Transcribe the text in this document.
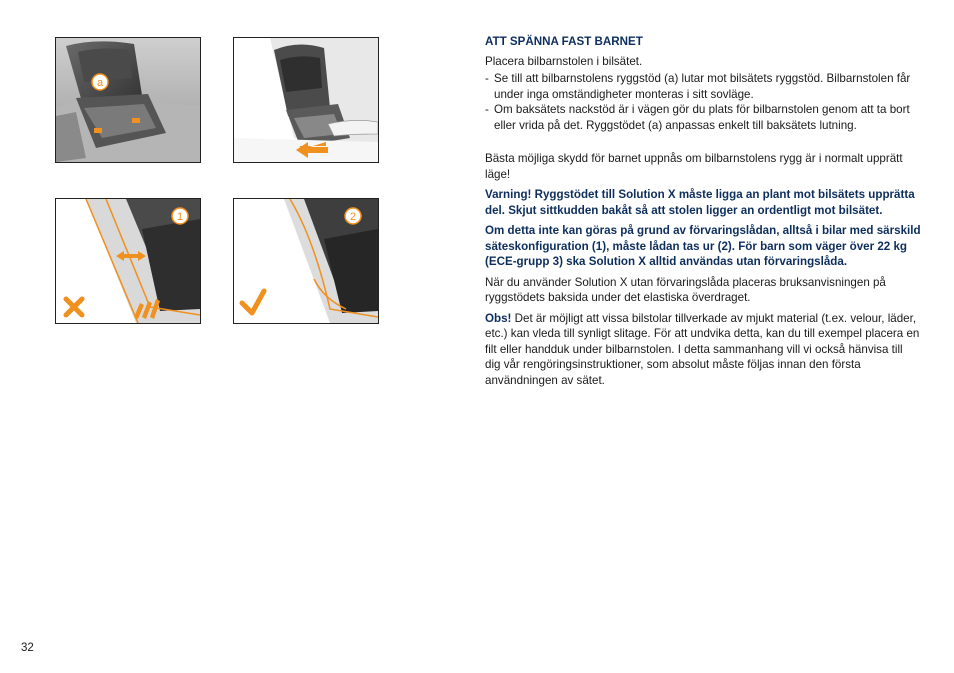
a
1	2

ATT SPÄNNA FAST BARNET

Placera bilbarnstolen i bilsätet.

- Se till att bilbarnstolens ryggstöd (a) lutar mot bilsätets ryggstöd. Bilbarnstolen får under inga omständigheter monteras i sitt sovläge.
- Om baksätets nackstöd är i vägen gör du plats för bilbarnstolen genom att ta bort eller vrida på det. Ryggstödet (a) anpassas enkelt till baksätets lutning.

Bästa möjliga skydd för barnet uppnås om bilbarnstolens rygg är i normalt upprätt läge!

Varning! Ryggstödet till Solution X måste ligga an plant mot bilsätets upprätta del. Skjut sittkudden bakåt så att stolen ligger an ordentligt mot bilsätet.

Om detta inte kan göras på grund av förvaringslådan, alltså i bilar med särskild säteskonfiguration (1), måste lådan tas ur (2). För barn som väger över 22 kg (ECE-grupp 3) ska Solution X alltid användas utan förvaringslåda.

När du använder Solution X utan förvaringslåda placeras bruksanvisningen på ryggstödets baksida under det elastiska överdraget.

Obs! Det är möjligt att vissa bilstolar tillverkade av mjukt material (t.ex. velour, läder, etc.) kan vleda till synligt slitage. För att undvika detta, kan du till exempel placera en filt eller handduk under bilbarnstolen. I detta sammanhang vill vi också hänvisa till dig vår rengöringsinstruktioner, som absolut måste följas innan den första användningen av sätet.

32
